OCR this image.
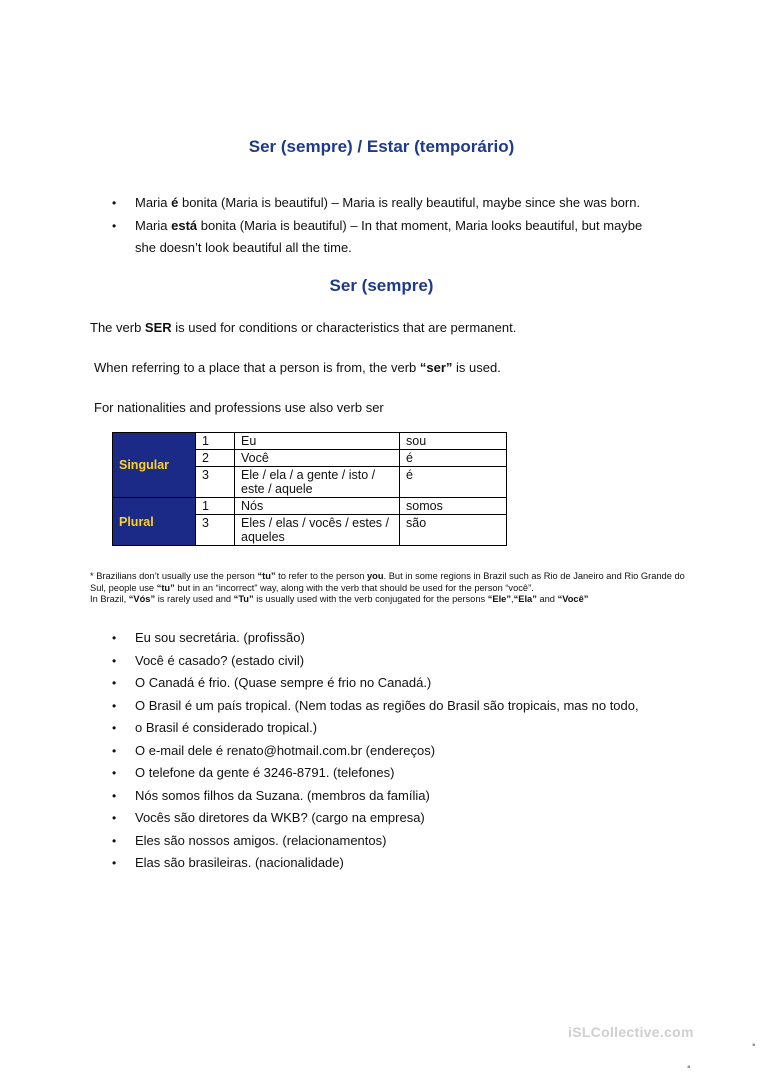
Ser (sempre) / Estar (temporário)
• Maria é bonita (Maria is beautiful) – Maria is really beautiful, maybe since she was born.
• Maria está bonita (Maria is beautiful) – In that moment, Maria looks beautiful, but maybe she doesn’t look beautiful all the time.
Ser (sempre)
The verb SER is used for conditions or characteristics that are permanent.
When referring to a place that a person is from, the verb “ser” is used.
For nationalities and professions use also verb ser
Singular	1	Eu	sou
	2	Você	é
	3	Ele / ela / a gente / isto / este / aquele	é
Plural	1	Nós	somos
	3	Eles / elas / vocês / estes / aqueles	são
* Brazilians don’t usually use the person “tu” to refer to the person you. But in some regions in Brazil such as Rio de Janeiro and Rio Grande do Sul, people use “tu” but in an “incorrect” way, along with the verb that should be used for the person “você”.
In Brazil, “Vós” is rarely used and “Tu” is usually used with the verb conjugated for the persons “Ele”,“Ela” and “Você”
• Eu sou secretária. (profissão)
• Você é casado? (estado civil)
• O Canadá é frio. (Quase sempre é frio no Canadá.)
• O Brasil é um país tropical. (Nem todas as regiões do Brasil são tropicais, mas no todo,
• o Brasil é considerado tropical.)
• O e-mail dele é renato@hotmail.com.br (endereços)
• O telefone da gente é 3246-8791. (telefones)
• Nós somos filhos da Suzana. (membros da família)
• Vocês são diretores da WKB? (cargo na empresa)
• Eles são nossos amigos. (relacionamentos)
• Elas são brasileiras. (nacionalidade)
iSLCollective.com
▪
▪
